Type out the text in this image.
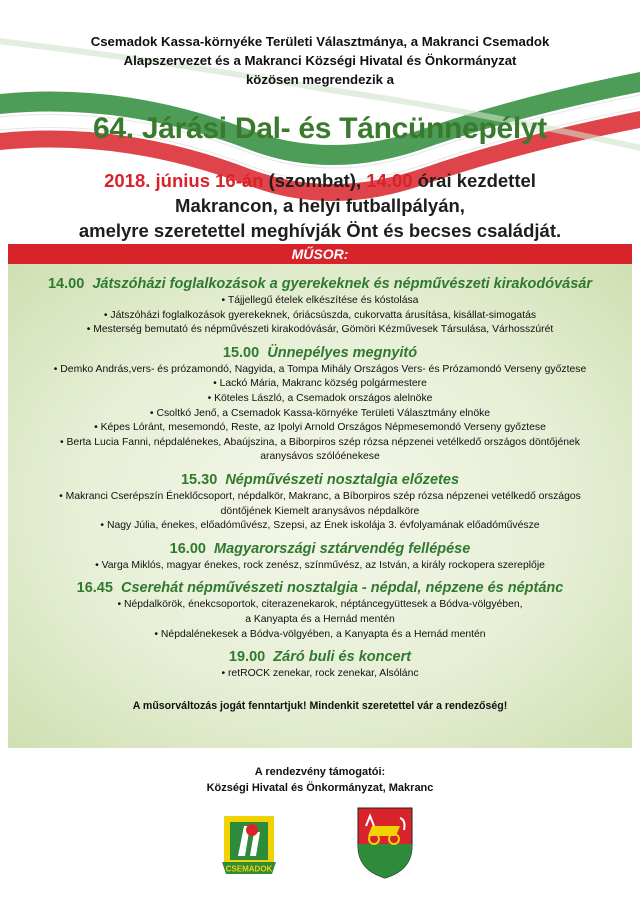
Csemadok Kassa-környéke Területi Választmánya, a Makranci Csemadok
Alapszervezet és a Makranci Községi Hivatal és Önkormányzat
közösen megrendezik a
64. Járási Dal- és Táncünnepélyt
2018. június 16-án (szombat), 14.00 órai kezdettel
Makrancon, a helyi futballpályán,
amelyre szeretettel meghívják Önt és becses családját.
MŰSOR:
14.00 Játszóházi foglalkozások a gyerekeknek és népművészeti kirakodóvásár
• Tájjellegű ételek elkészítése és kóstolása
• Játszóházi foglalkozások gyerekeknek, óriácsúszda, cukorvatta árusítása, kisállat-simogatás
• Mesterség bemutató és népművészeti kirakodóvásár, Gömöri Kézművesek Társulása, Várhosszúrét
15.00 Ünnepélyes megnyitó
• Demko András,vers- és prózamondó, Nagyida, a Tompa Mihály Országos Vers- és Prózamondó Verseny győztese
• Lackó Mária, Makranc község polgármestere
• Köteles László, a Csemadok országos alelnöke
• Csoltkó Jenő, a Csemadok Kassa-környéke Területi Választmány elnöke
• Képes Lóránt, mesemondó, Reste, az Ipolyi Arnold Országos Népmesemondó Verseny győztese
• Berta Lucia Fanni, népdalénekes, Abaújszina, a Biborpiros szép rózsa népzenei vetélkedő országos döntőjének
aranysávos szólóénekese
15.30 Népművészeti nosztalgia előzetes
• Makranci Cserépszín Éneklőcsoport, népdalkör, Makranc, a Bíborpiros szép rózsa népzenei vetélkedő országos
döntőjének Kiemelt aranysávos népdalköre
• Nagy Júlia, énekes, előadóművész, Szepsi, az Ének iskolája 3. évfolyamának előadóművésze
16.00 Magyarországi sztárvendég fellépése
• Varga Miklós, magyar énekes, rock zenész, színművész, az István, a király rockopera szereplője
16.45 Cserehát népművészeti nosztalgia - népdal, népzene és néptánc
• Népdalkörök, énekcsoportok, citerazenekarok, néptáncegyüttesek a Bódva-völgyében,
a Kanyapta és a Hernád mentén
• Népdalénekesek a Bódva-völgyében, a Kanyapta és a Hernád mentén
19.00 Záró buli és koncert
• retROCK zenekar, rock zenekar, Alsólánc
A műsorváltozás jogát fenntartjuk! Mindenkit szeretettel vár a rendezőség!
A rendezvény támogatói:
Községi Hivatal és Önkormányzat, Makranc
CSEMADOK
